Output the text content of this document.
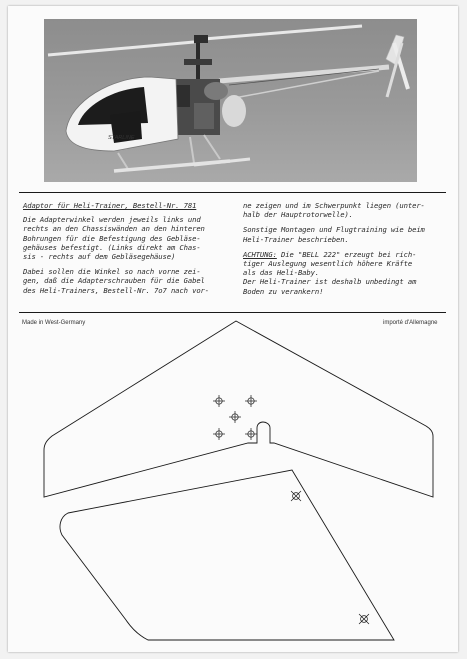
STARLINE
Adaptor für Heli-Trainer, Bestell-Nr. 781

Die Adapterwinkel werden jeweils links und
rechts an den Chassiswänden an den hinteren
Bohrungen für die Befestigung des Gebläse-
gehäuses befestigt. (Links direkt am Chas-
sis - rechts auf dem Gebläsegehäuse)

Dabei sollen die Winkel so nach vorne zei-
gen, daß die Adapterschrauben für die Gabel
des Heli-Trainers, Bestell-Nr. 7o7 nach vor-

ne zeigen und im Schwerpunkt liegen (unter-
halb der Hauptrotorwelle).

Sonstige Montagen und Flugtraining wie beim
Heli-Trainer beschrieben.

ACHTUNG: Die "BELL 222" erzeugt bei rich-
tiger Auslegung wesentlich höhere Kräfte
als das Heli-Baby.
Der Heli-Trainer ist deshalb unbedingt am
Boden zu verankern!

Made in West-Germany	importé d'Allemagne
